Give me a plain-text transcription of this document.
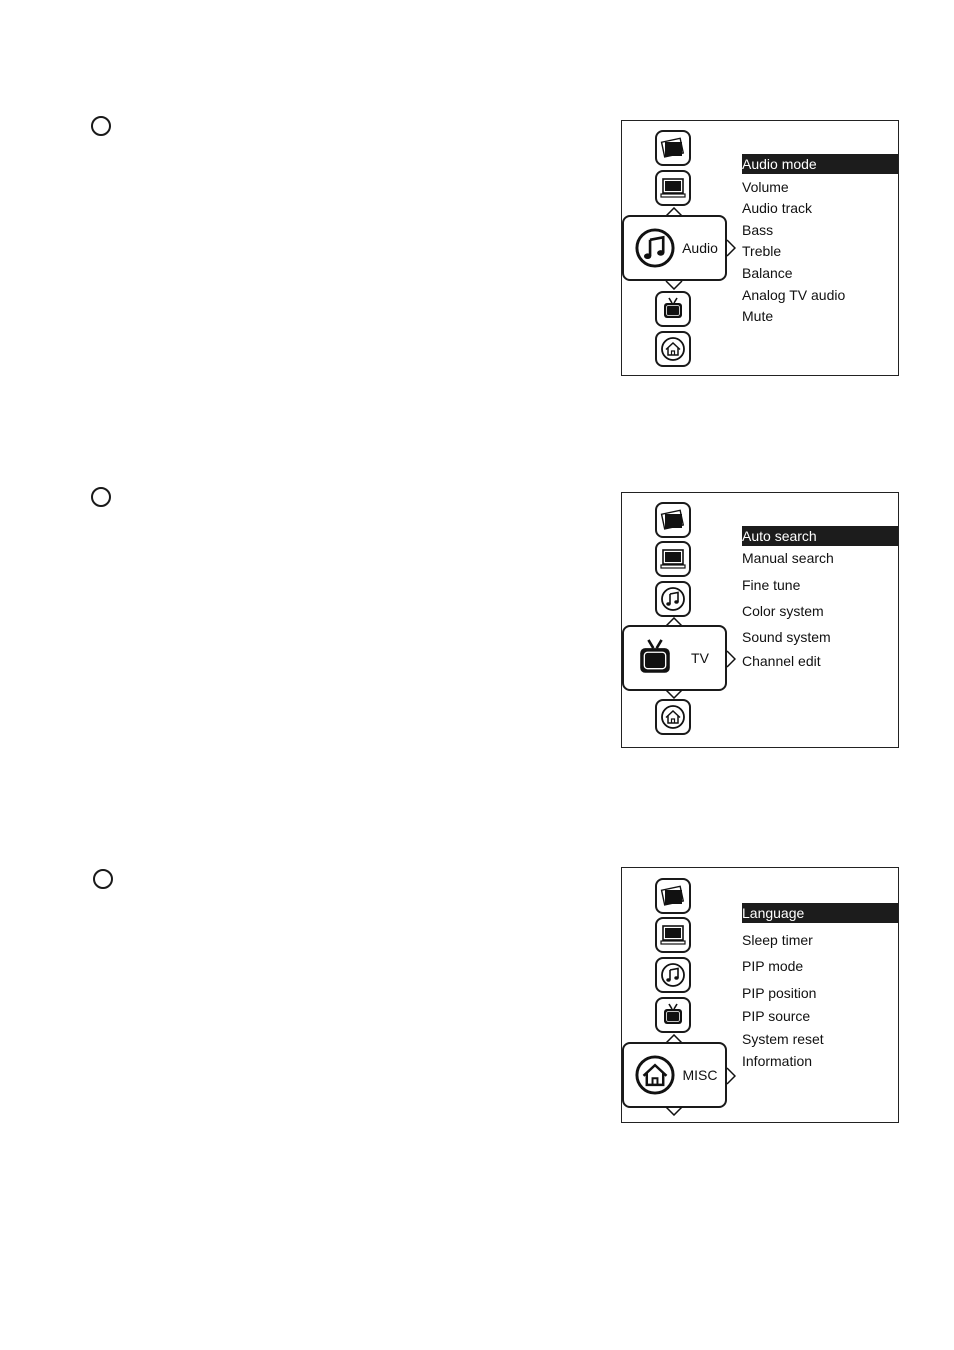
Audio
Audio mode
Volume
Audio track
Bass
Treble
Balance
Analog TV audio
Mute
TV
Auto search
Manual search
Fine tune
Color system
Sound system
Channel edit
MISC
Language
Sleep timer
PIP mode
PIP position
PIP source
System reset
Information
